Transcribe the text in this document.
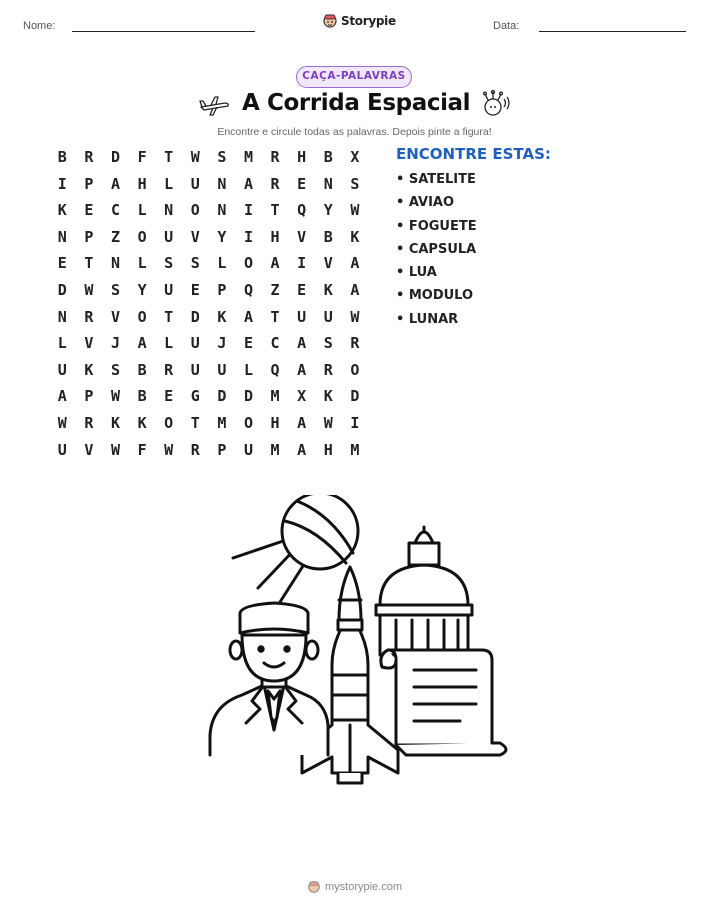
Nome:	Storypie	Data:
CAÇA-PALAVRAS
A Corrida Espacial
Encontre e circule todas as palavras. Depois pinte a figura!
B	R	D	F	T	W	S	M	R	H	B	X
I	P	A	H	L	U	N	A	R	E	N	S
K	E	C	L	N	O	N	I	T	Q	Y	W
N	P	Z	O	U	V	Y	I	H	V	B	K
E	T	N	L	S	S	L	O	A	I	V	A
D	W	S	Y	U	E	P	Q	Z	E	K	A
N	R	V	O	T	D	K	A	T	U	U	W
L	V	J	A	L	U	J	E	C	A	S	R
U	K	S	B	R	U	U	L	Q	A	R	O
A	P	W	B	E	G	D	D	M	X	K	D
W	R	K	K	O	T	M	O	H	A	W	I
U	V	W	F	W	R	P	U	M	A	H	M
ENCONTRE ESTAS:
• SATELITE
• AVIAO
• FOGUETE
• CAPSULA
• LUA
• MODULO
• LUNAR
mystorypie.com
